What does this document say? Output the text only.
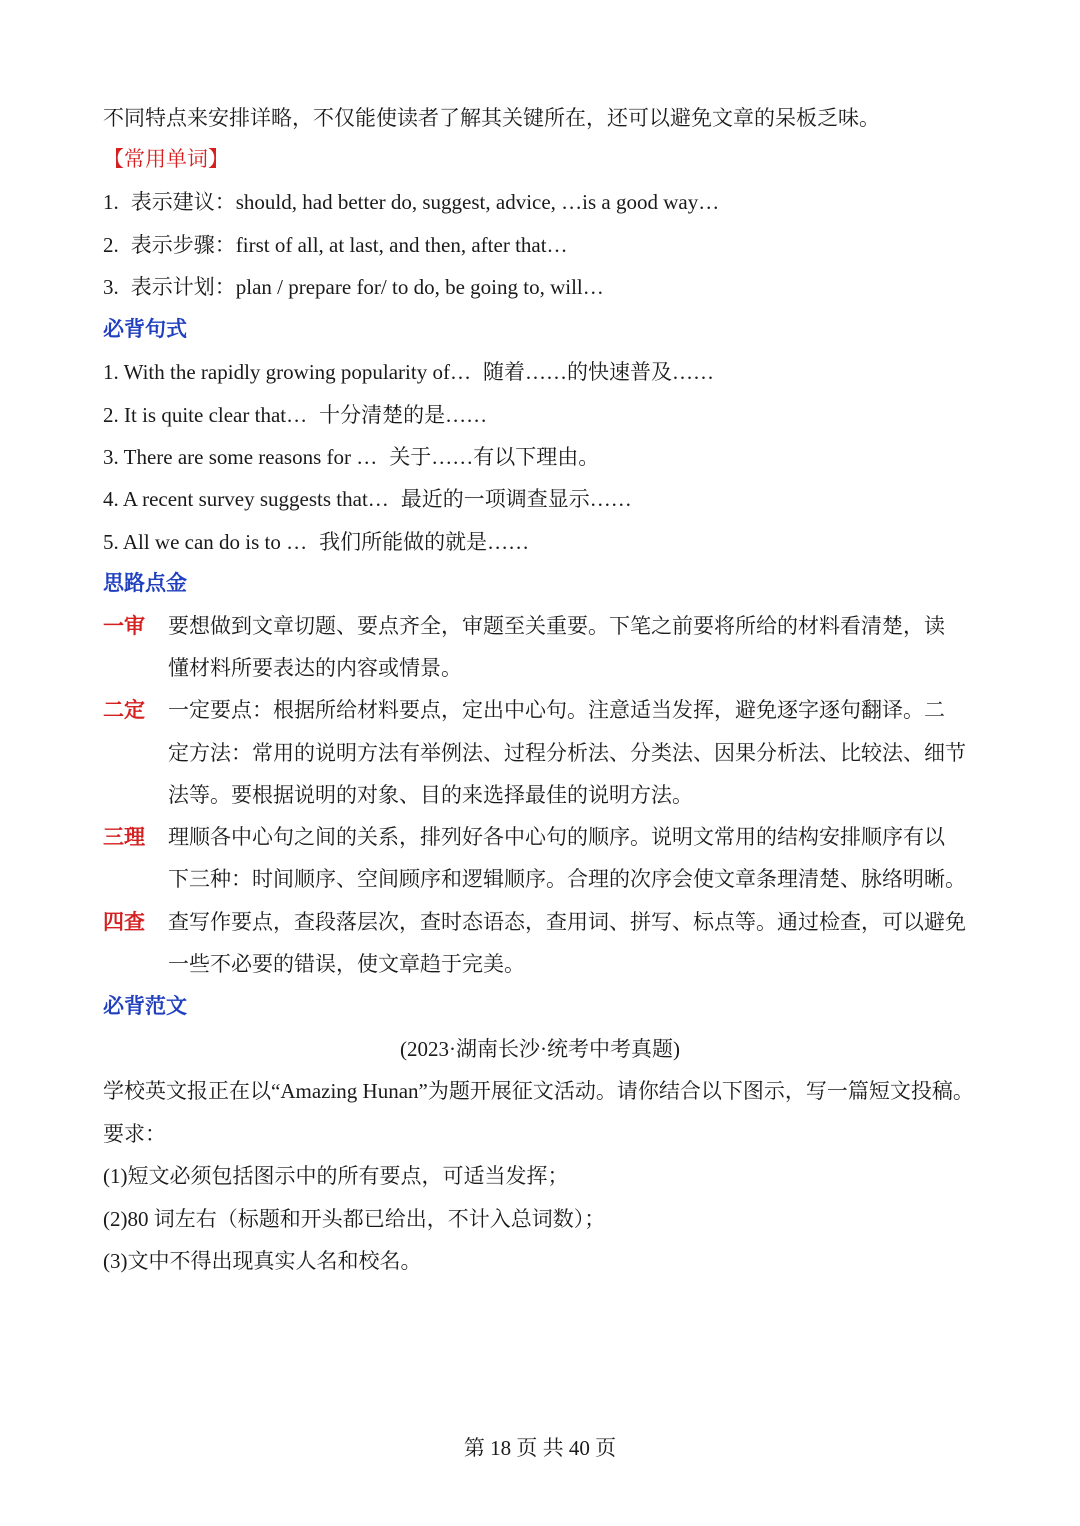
不同特点来安排详略，不仅能使读者了解其关键所在，还可以避免文章的呆板乏味。
【常用单词】
1. 表示建议：should, had better do, suggest, advice, …is a good way…
2. 表示步骤：first of all, at last, and then, after that…
3. 表示计划：plan / prepare for/ to do, be going to, will…
必背句式
1. With the rapidly growing popularity of… 随着……的快速普及……
2. It is quite clear that… 十分清楚的是……
3. There are some reasons for … 关于……有以下理由。
4. A recent survey suggests that… 最近的一项调查显示……
5. All we can do is to … 我们所能做的就是……
思路点金
一审 要想做到文章切题、要点齐全，审题至关重要。下笔之前要将所给的材料看清楚，读
懂材料所要表达的内容或情景。
二定 一定要点：根据所给材料要点，定出中心句。注意适当发挥，避免逐字逐句翻译。二
定方法：常用的说明方法有举例法、过程分析法、分类法、因果分析法、比较法、细节
法等。要根据说明的对象、目的来选择最佳的说明方法。
三理 理顺各中心句之间的关系，排列好各中心句的顺序。说明文常用的结构安排顺序有以
下三种：时间顺序、空间顾序和逻辑顺序。合理的次序会使文章条理清楚、脉络明晰。
四查 查写作要点，查段落层次，查时态语态，查用词、拼写、标点等。通过检查，可以避免
一些不必要的错误，使文章趋于完美。
必背范文
(2023·湖南长沙·统考中考真题)
学校英文报正在以“Amazing Hunan”为题开展征文活动。请你结合以下图示，写一篇短文投稿。
要求：
(1)短文必须包括图示中的所有要点，可适当发挥；
(2)80 词左右（标题和开头都已给出，不计入总词数）；
(3)文中不得出现真实人名和校名。
第 18 页 共 40 页
